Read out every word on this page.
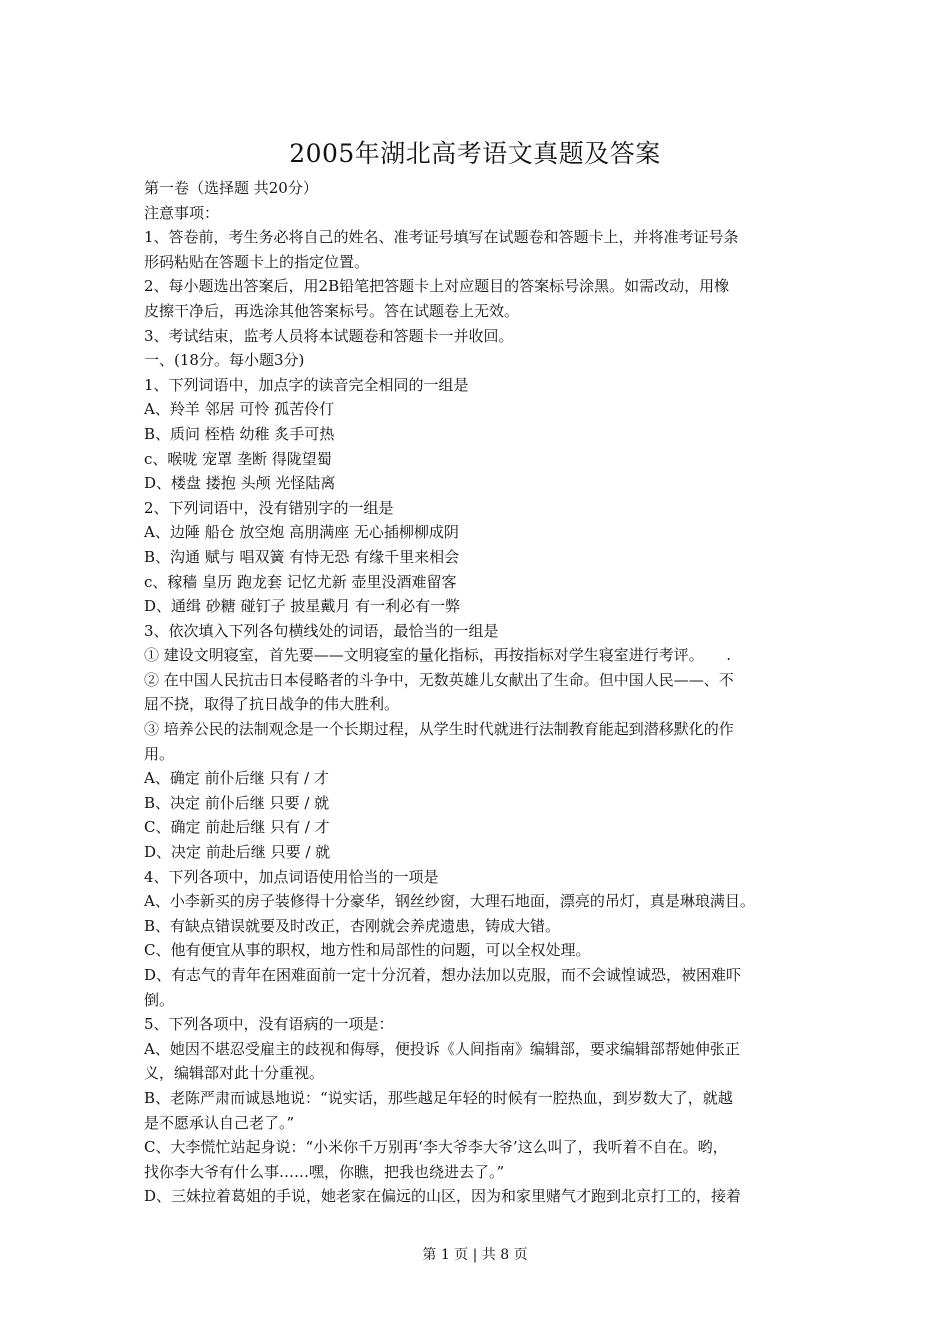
2005年湖北高考语文真题及答案
第一卷（选择题 共20分）
注意事项：
1、答卷前，考生务必将自己的姓名、准考证号填写在试题卷和答题卡上，并将准考证号条
形码粘贴在答题卡上的指定位置。
2、每小题选出答案后，用2B铅笔把答题卡上对应题目的答案标号涂黑。如需改动，用橡
皮擦干净后，再选涂其他答案标号。答在试题卷上无效。
3、考试结束，监考人员将本试题卷和答题卡一并收回。
一、(18分。每小题3分)
1、下列词语中，加点字的读音完全相同的一组是
A、羚羊 邻居 可怜 孤苦伶仃
B、质问 桎梏 幼稚 炙手可热
c、喉咙 宠罩 垄断 得陇望蜀
D、楼盘 搂抱 头颅 光怪陆离
2、下列词语中，没有错别字的一组是
A、边陲 船仓 放空炮 高朋满座 无心插柳柳成阴
B、沟通 赋与 唱双簧 有恃无恐 有缘千里来相会
c、稼穑 皇历 跑龙套 记忆尤新 壶里没酒难留客
D、通缉 砂糖 碰钉子 披星戴月 有一利必有一弊
3、依次填入下列各句横线处的词语，最恰当的一组是
① 建设文明寝室，首先要——文明寝室的量化指标，再按指标对学生寝室进行考评。　　.
② 在中国人民抗击日本侵略者的斗争中，无数英雄儿女献出了生命。但中国人民——、不
屈不挠，取得了抗日战争的伟大胜利。
③ 培养公民的法制观念是一个长期过程，从学生时代就进行法制教育能起到潜移默化的作
用。
A、确定 前仆后继 只有 / 才
B、决定 前仆后继 只要 / 就
C、确定 前赴后继 只有 / 才
D、决定 前赴后继 只要 / 就
4、下列各项中，加点词语使用恰当的一项是
A、小李新买的房子装修得十分豪华，钢丝纱窗，大理石地面，漂亮的吊灯，真是琳琅满目。
B、有缺点错误就要及时改正，杏刚就会养虎遗患，铸成大错。
C、他有便宜从事的职权，地方性和局部性的问题，可以全权处理。
D、有志气的青年在困难面前一定十分沉着，想办法加以克服，而不会诚惶诚恐，被困难吓
倒。
5、下列各项中，没有语病的一项是：
A、她因不堪忍受雇主的歧视和侮辱，便投诉《人间指南》编辑部，要求编辑部帮她伸张正
义，编辑部对此十分重视。
B、老陈严肃而诚恳地说：“说实话，那些越足年轻的时候有一腔热血，到岁数大了，就越
是不愿承认自己老了。”
C、大李慌忙站起身说：“小米你千万别再‘李大爷李大爷’这么叫了，我听着不自在。哟，
找你李大爷有什么事……嘿，你瞧，把我也绕进去了。”
D、三妹拉着葛姐的手说，她老家在偏远的山区，因为和家里赌气才跑到北京打工的，接着
第 1 页 | 共 8 页
